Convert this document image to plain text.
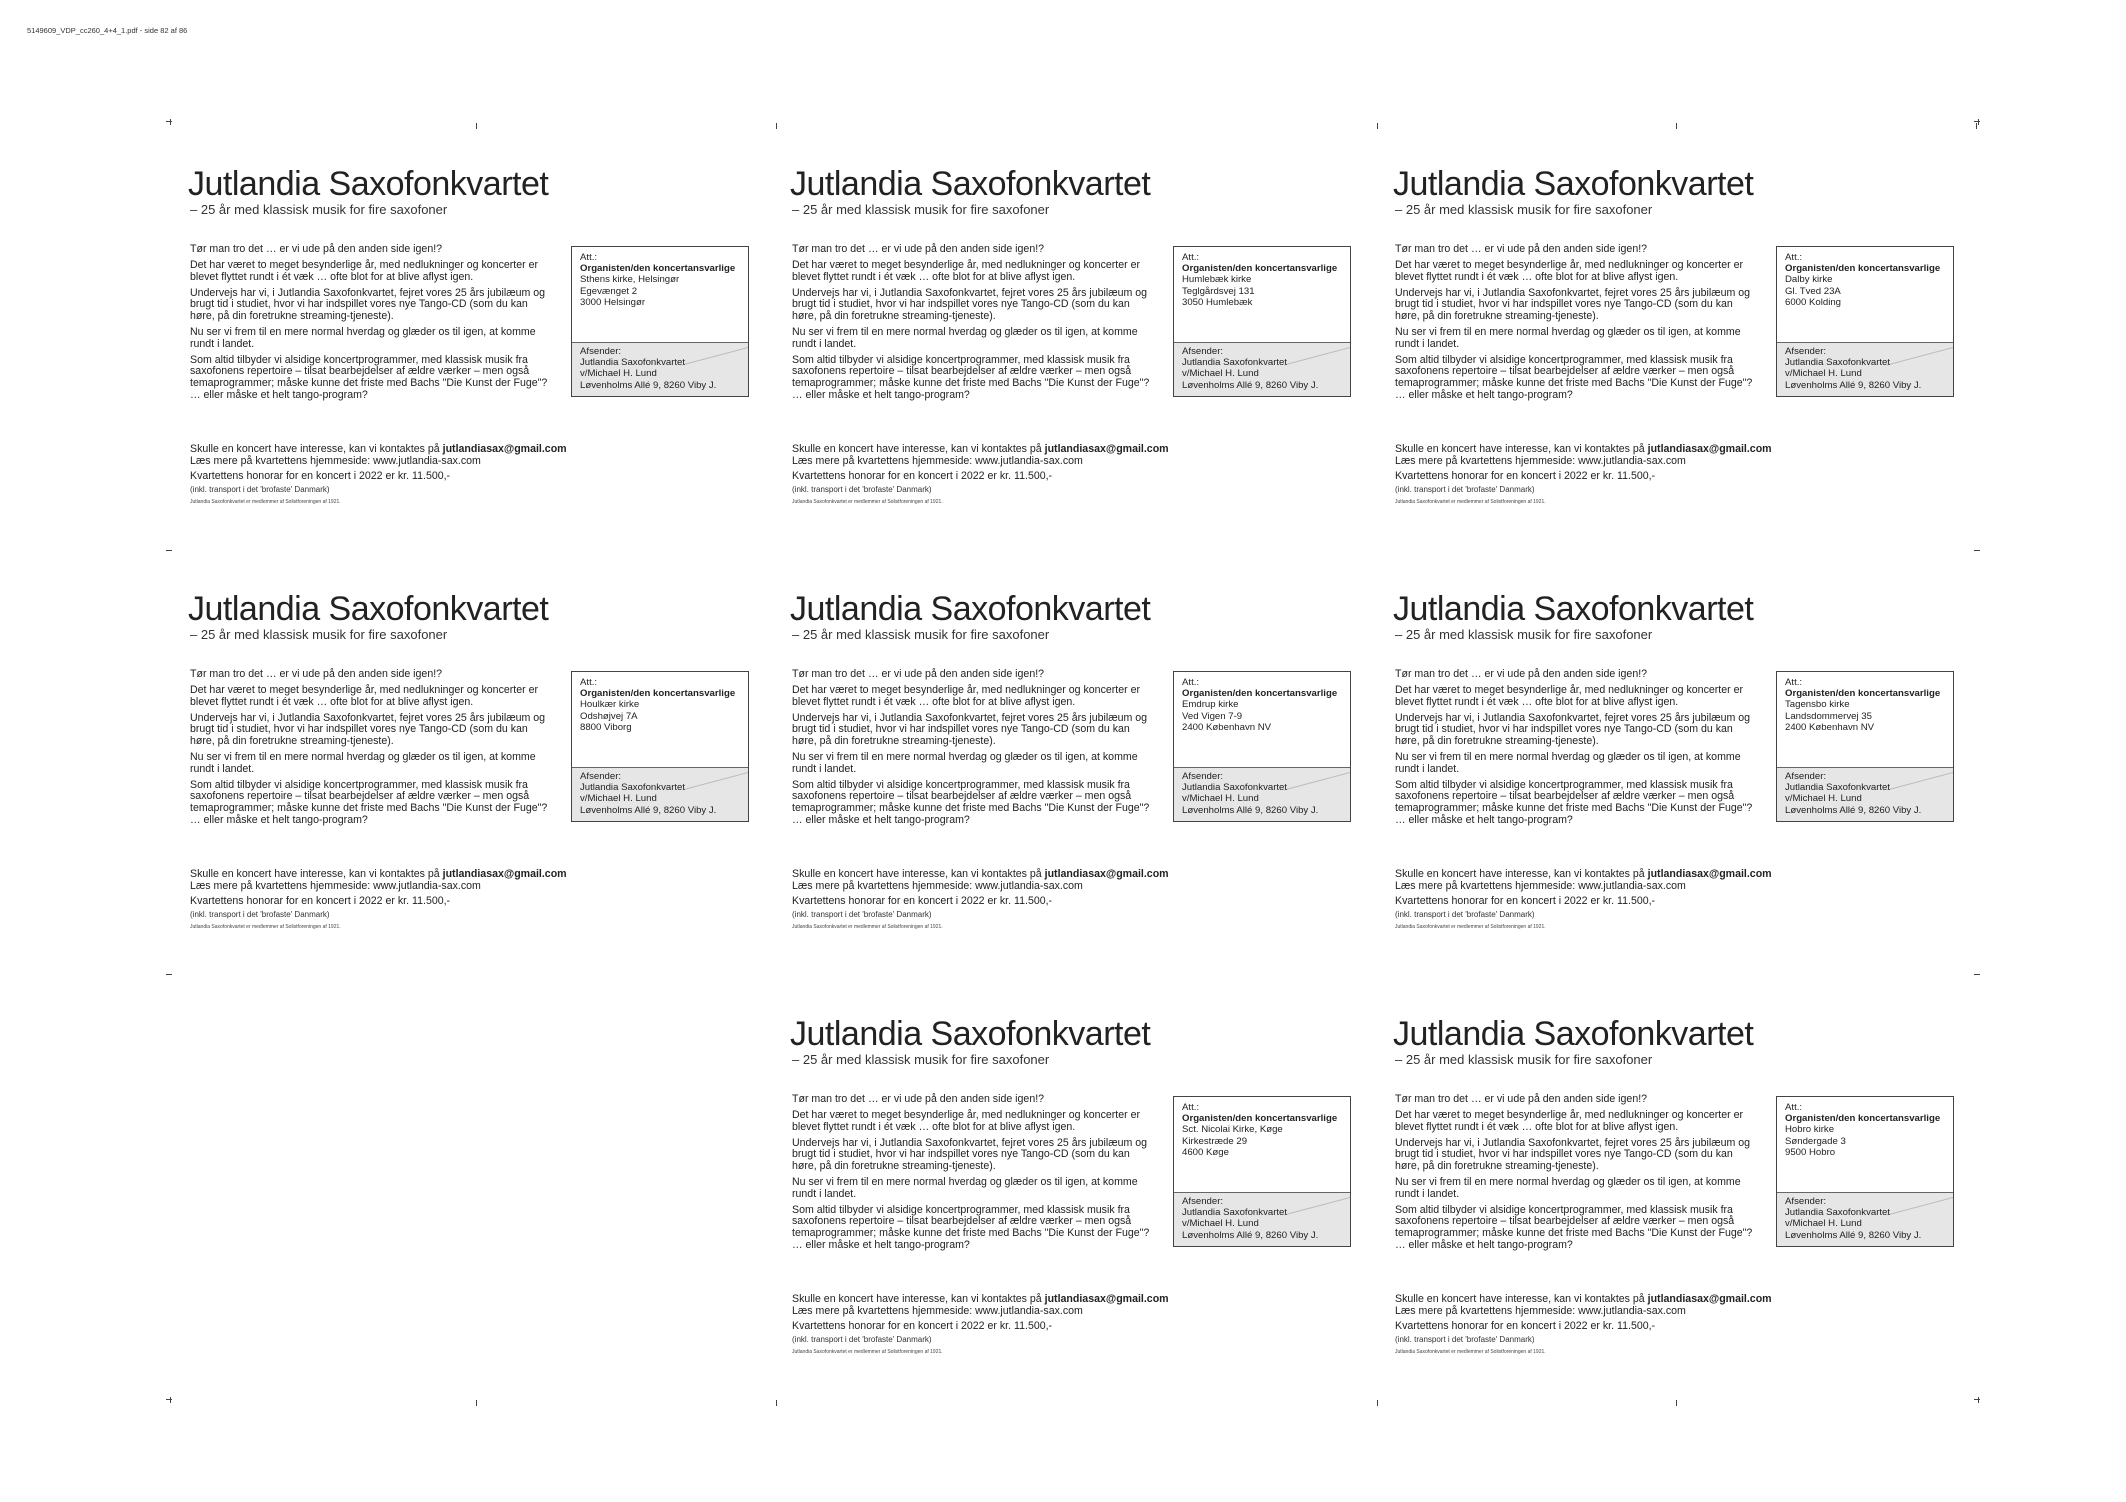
5149609_VDP_cc260_4+4_1.pdf - side 82 af 86
Jutlandia Saxofonkvartet
– 25 år med klassisk musik for fire saxofoner

Tør man tro det … er vi ude på den anden side igen!?

Det har været to meget besynderlige år, med nedlukninger og koncerter er blevet flyttet rundt i ét væk … ofte blot for at blive aflyst igen.

Undervejs har vi, i Jutlandia Saxofonkvartet, fejret vores 25 års jubilæum og brugt tid i studiet, hvor vi har indspillet vores nye Tango-CD (som du kan høre, på din foretrukne streaming-tjeneste).

Nu ser vi frem til en mere normal hverdag og glæder os til igen, at komme rundt i landet.

Som altid tilbyder vi alsidige koncertprogrammer, med klassisk musik fra saxofonens repertoire – tilsat bearbejdelser af ældre værker – men også temaprogrammer; måske kunne det friste med Bachs "Die Kunst der Fuge"? … eller måske et helt tango-program?

Skulle en koncert have interesse, kan vi kontaktes på jutlandiasax@gmail.com

Læs mere på kvartettens hjemmeside: www.jutlandia-sax.com

Kvartettens honorar for en koncert i 2022 er kr. 11.500,-
(inkl. transport i det 'brofaste' Danmark)
Jutlandia Saxofonkvartet er medlemmer af Solistforeningen af 1921.
Att.:
Organisten/den koncertansvarlige
Sthens kirke, Helsingør
Egevænget 2
3000 Helsingør
Afsender:
Jutlandia Saxofonkvartet
v/Michael H. Lund
Løvenholms Allé 9, 8260 Viby J.
Jutlandia Saxofonkvartet
– 25 år med klassisk musik for fire saxofoner

Tør man tro det … er vi ude på den anden side igen!?

Det har været to meget besynderlige år, med nedlukninger og koncerter er blevet flyttet rundt i ét væk … ofte blot for at blive aflyst igen.

Undervejs har vi, i Jutlandia Saxofonkvartet, fejret vores 25 års jubilæum og brugt tid i studiet, hvor vi har indspillet vores nye Tango-CD (som du kan høre, på din foretrukne streaming-tjeneste).

Nu ser vi frem til en mere normal hverdag og glæder os til igen, at komme rundt i landet.

Som altid tilbyder vi alsidige koncertprogrammer, med klassisk musik fra saxofonens repertoire – tilsat bearbejdelser af ældre værker – men også temaprogrammer; måske kunne det friste med Bachs "Die Kunst der Fuge"? … eller måske et helt tango-program?

Skulle en koncert have interesse, kan vi kontaktes på jutlandiasax@gmail.com

Læs mere på kvartettens hjemmeside: www.jutlandia-sax.com

Kvartettens honorar for en koncert i 2022 er kr. 11.500,-
(inkl. transport i det 'brofaste' Danmark)
Jutlandia Saxofonkvartet er medlemmer af Solistforeningen af 1921.
Att.:
Organisten/den koncertansvarlige
Humlebæk kirke
Teglgårdsvej 131
3050 Humlebæk
Afsender:
Jutlandia Saxofonkvartet
v/Michael H. Lund
Løvenholms Allé 9, 8260 Viby J.
Jutlandia Saxofonkvartet
– 25 år med klassisk musik for fire saxofoner

Tør man tro det … er vi ude på den anden side igen!?

Det har været to meget besynderlige år, med nedlukninger og koncerter er blevet flyttet rundt i ét væk … ofte blot for at blive aflyst igen.

Undervejs har vi, i Jutlandia Saxofonkvartet, fejret vores 25 års jubilæum og brugt tid i studiet, hvor vi har indspillet vores nye Tango-CD (som du kan høre, på din foretrukne streaming-tjeneste).

Nu ser vi frem til en mere normal hverdag og glæder os til igen, at komme rundt i landet.

Som altid tilbyder vi alsidige koncertprogrammer, med klassisk musik fra saxofonens repertoire – tilsat bearbejdelser af ældre værker – men også temaprogrammer; måske kunne det friste med Bachs "Die Kunst der Fuge"? … eller måske et helt tango-program?

Skulle en koncert have interesse, kan vi kontaktes på jutlandiasax@gmail.com

Læs mere på kvartettens hjemmeside: www.jutlandia-sax.com

Kvartettens honorar for en koncert i 2022 er kr. 11.500,-
(inkl. transport i det 'brofaste' Danmark)
Jutlandia Saxofonkvartet er medlemmer af Solistforeningen af 1921.
Att.:
Organisten/den koncertansvarlige
Dalby kirke
Gl. Tved 23A
6000 Kolding
Afsender:
Jutlandia Saxofonkvartet
v/Michael H. Lund
Løvenholms Allé 9, 8260 Viby J.
Jutlandia Saxofonkvartet
– 25 år med klassisk musik for fire saxofoner

Tør man tro det … er vi ude på den anden side igen!?

Det har været to meget besynderlige år, med nedlukninger og koncerter er blevet flyttet rundt i ét væk … ofte blot for at blive aflyst igen.

Undervejs har vi, i Jutlandia Saxofonkvartet, fejret vores 25 års jubilæum og brugt tid i studiet, hvor vi har indspillet vores nye Tango-CD (som du kan høre, på din foretrukne streaming-tjeneste).

Nu ser vi frem til en mere normal hverdag og glæder os til igen, at komme rundt i landet.

Som altid tilbyder vi alsidige koncertprogrammer, med klassisk musik fra saxofonens repertoire – tilsat bearbejdelser af ældre værker – men også temaprogrammer; måske kunne det friste med Bachs "Die Kunst der Fuge"? … eller måske et helt tango-program?

Skulle en koncert have interesse, kan vi kontaktes på jutlandiasax@gmail.com

Læs mere på kvartettens hjemmeside: www.jutlandia-sax.com

Kvartettens honorar for en koncert i 2022 er kr. 11.500,-
(inkl. transport i det 'brofaste' Danmark)
Jutlandia Saxofonkvartet er medlemmer af Solistforeningen af 1921.
Att.:
Organisten/den koncertansvarlige
Houlkær kirke
Odshøjvej 7A
8800 Viborg
Afsender:
Jutlandia Saxofonkvartet
v/Michael H. Lund
Løvenholms Allé 9, 8260 Viby J.
Jutlandia Saxofonkvartet
– 25 år med klassisk musik for fire saxofoner

Tør man tro det … er vi ude på den anden side igen!?

Det har været to meget besynderlige år, med nedlukninger og koncerter er blevet flyttet rundt i ét væk … ofte blot for at blive aflyst igen.

Undervejs har vi, i Jutlandia Saxofonkvartet, fejret vores 25 års jubilæum og brugt tid i studiet, hvor vi har indspillet vores nye Tango-CD (som du kan høre, på din foretrukne streaming-tjeneste).

Nu ser vi frem til en mere normal hverdag og glæder os til igen, at komme rundt i landet.

Som altid tilbyder vi alsidige koncertprogrammer, med klassisk musik fra saxofonens repertoire – tilsat bearbejdelser af ældre værker – men også temaprogrammer; måske kunne det friste med Bachs "Die Kunst der Fuge"? … eller måske et helt tango-program?

Skulle en koncert have interesse, kan vi kontaktes på jutlandiasax@gmail.com

Læs mere på kvartettens hjemmeside: www.jutlandia-sax.com

Kvartettens honorar for en koncert i 2022 er kr. 11.500,-
(inkl. transport i det 'brofaste' Danmark)
Jutlandia Saxofonkvartet er medlemmer af Solistforeningen af 1921.
Att.:
Organisten/den koncertansvarlige
Emdrup kirke
Ved Vigen 7-9
2400 København NV
Afsender:
Jutlandia Saxofonkvartet
v/Michael H. Lund
Løvenholms Allé 9, 8260 Viby J.
Jutlandia Saxofonkvartet
– 25 år med klassisk musik for fire saxofoner

Tør man tro det … er vi ude på den anden side igen!?

Det har været to meget besynderlige år, med nedlukninger og koncerter er blevet flyttet rundt i ét væk … ofte blot for at blive aflyst igen.

Undervejs har vi, i Jutlandia Saxofonkvartet, fejret vores 25 års jubilæum og brugt tid i studiet, hvor vi har indspillet vores nye Tango-CD (som du kan høre, på din foretrukne streaming-tjeneste).

Nu ser vi frem til en mere normal hverdag og glæder os til igen, at komme rundt i landet.

Som altid tilbyder vi alsidige koncertprogrammer, med klassisk musik fra saxofonens repertoire – tilsat bearbejdelser af ældre værker – men også temaprogrammer; måske kunne det friste med Bachs "Die Kunst der Fuge"? … eller måske et helt tango-program?

Skulle en koncert have interesse, kan vi kontaktes på jutlandiasax@gmail.com

Læs mere på kvartettens hjemmeside: www.jutlandia-sax.com

Kvartettens honorar for en koncert i 2022 er kr. 11.500,-
(inkl. transport i det 'brofaste' Danmark)
Jutlandia Saxofonkvartet er medlemmer af Solistforeningen af 1921.
Att.:
Organisten/den koncertansvarlige
Tagensbo kirke
Landsdommervej 35
2400 København NV
Afsender:
Jutlandia Saxofonkvartet
v/Michael H. Lund
Løvenholms Allé 9, 8260 Viby J.
Jutlandia Saxofonkvartet
– 25 år med klassisk musik for fire saxofoner

Tør man tro det … er vi ude på den anden side igen!?

Det har været to meget besynderlige år, med nedlukninger og koncerter er blevet flyttet rundt i ét væk … ofte blot for at blive aflyst igen.

Undervejs har vi, i Jutlandia Saxofonkvartet, fejret vores 25 års jubilæum og brugt tid i studiet, hvor vi har indspillet vores nye Tango-CD (som du kan høre, på din foretrukne streaming-tjeneste).

Nu ser vi frem til en mere normal hverdag og glæder os til igen, at komme rundt i landet.

Som altid tilbyder vi alsidige koncertprogrammer, med klassisk musik fra saxofonens repertoire – tilsat bearbejdelser af ældre værker – men også temaprogrammer; måske kunne det friste med Bachs "Die Kunst der Fuge"? … eller måske et helt tango-program?

Skulle en koncert have interesse, kan vi kontaktes på jutlandiasax@gmail.com

Læs mere på kvartettens hjemmeside: www.jutlandia-sax.com

Kvartettens honorar for en koncert i 2022 er kr. 11.500,-
(inkl. transport i det 'brofaste' Danmark)
Jutlandia Saxofonkvartet er medlemmer af Solistforeningen af 1921.
Att.:
Organisten/den koncertansvarlige
Sct. Nicolai Kirke, Køge
Kirkestræde 29
4600 Køge
Afsender:
Jutlandia Saxofonkvartet
v/Michael H. Lund
Løvenholms Allé 9, 8260 Viby J.
Jutlandia Saxofonkvartet
– 25 år med klassisk musik for fire saxofoner

Tør man tro det … er vi ude på den anden side igen!?

Det har været to meget besynderlige år, med nedlukninger og koncerter er blevet flyttet rundt i ét væk … ofte blot for at blive aflyst igen.

Undervejs har vi, i Jutlandia Saxofonkvartet, fejret vores 25 års jubilæum og brugt tid i studiet, hvor vi har indspillet vores nye Tango-CD (som du kan høre, på din foretrukne streaming-tjeneste).

Nu ser vi frem til en mere normal hverdag og glæder os til igen, at komme rundt i landet.

Som altid tilbyder vi alsidige koncertprogrammer, med klassisk musik fra saxofonens repertoire – tilsat bearbejdelser af ældre værker – men også temaprogrammer; måske kunne det friste med Bachs "Die Kunst der Fuge"? … eller måske et helt tango-program?

Skulle en koncert have interesse, kan vi kontaktes på jutlandiasax@gmail.com

Læs mere på kvartettens hjemmeside: www.jutlandia-sax.com

Kvartettens honorar for en koncert i 2022 er kr. 11.500,-
(inkl. transport i det 'brofaste' Danmark)
Jutlandia Saxofonkvartet er medlemmer af Solistforeningen af 1921.
Att.:
Organisten/den koncertansvarlige
Hobro kirke
Søndergade 3
9500 Hobro
Afsender:
Jutlandia Saxofonkvartet
v/Michael H. Lund
Løvenholms Allé 9, 8260 Viby J.
